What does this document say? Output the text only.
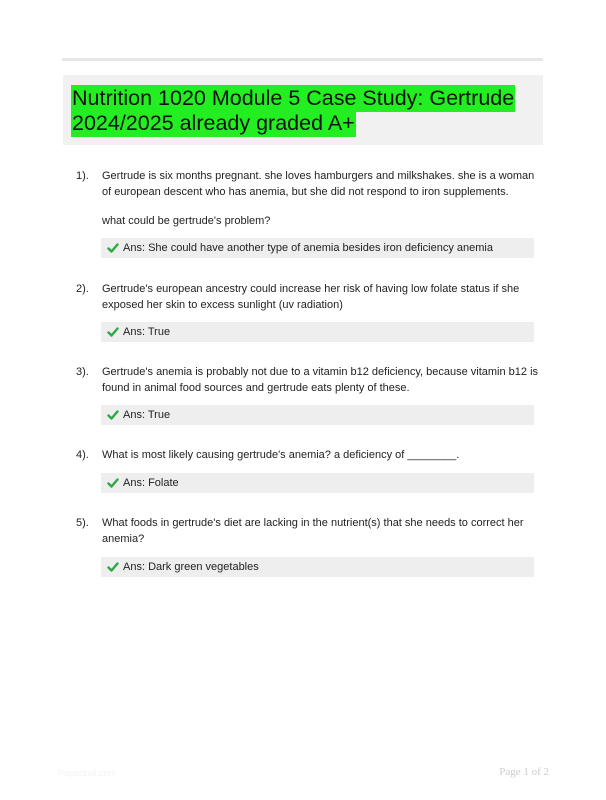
Nutrition 1020 Module 5 Case Study: Gertrude 2024/2025 already graded A+
1). Gertrude is six months pregnant. she loves hamburgers and milkshakes. she is a woman of european descent who has anemia, but she did not respond to iron supplements.

what could be gertrude's problem?

Ans: She could have another type of anemia besides iron deficiency anemia
2). Gertrude's european ancestry could increase her risk of having low folate status if she exposed her skin to excess sunlight (uv radiation)

Ans: True
3). Gertrude's anemia is probably not due to a vitamin b12 deficiency, because vitamin b12 is found in animal food sources and gertrude eats plenty of these.

Ans: True
4). What is most likely causing gertrude's anemia? a deficiency of ________.

Ans: Folate
5). What foods in gertrude's diet are lacking in the nutrient(s) that she needs to correct her anemia?

Ans: Dark green vegetables
Papertrail.com	Page 1 of 2
